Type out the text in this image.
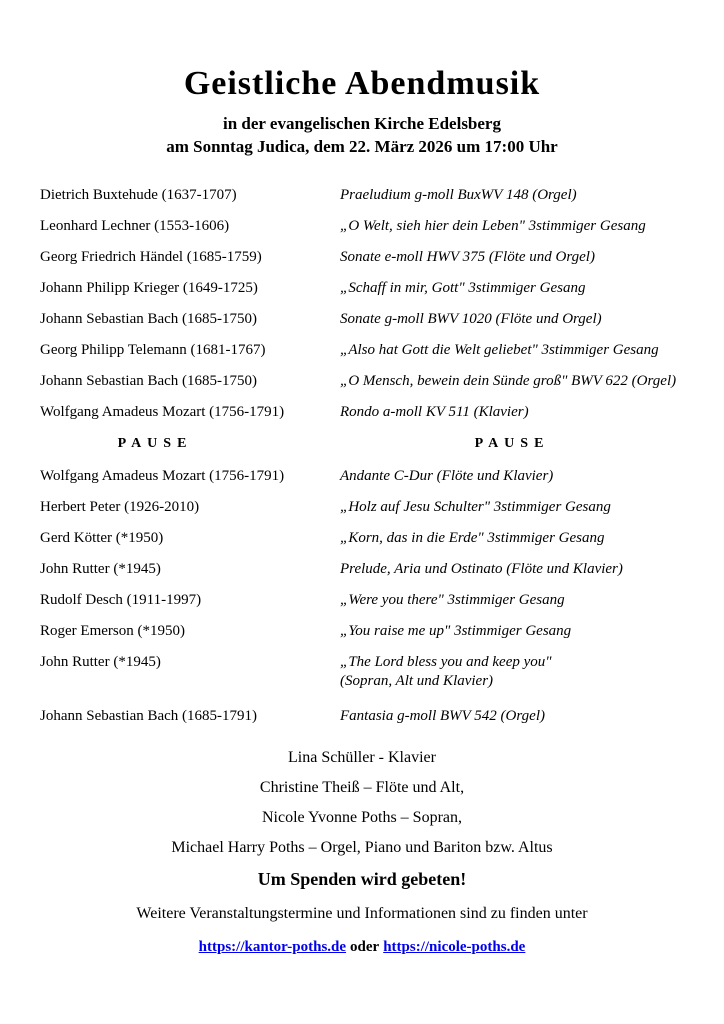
Geistliche Abendmusik
in der evangelischen Kirche Edelsberg
am Sonntag Judica, dem 22. März 2026 um 17:00 Uhr
Dietrich Buxtehude (1637-1707)	Praeludium g-moll BuxWV 148 (Orgel)
Leonhard Lechner (1553-1606)	„O Welt, sieh hier dein Leben" 3stimmiger Gesang
Georg Friedrich Händel (1685-1759)	Sonate e-moll HWV 375 (Flöte und Orgel)
Johann Philipp Krieger (1649-1725)	„Schaff in mir, Gott" 3stimmiger Gesang
Johann Sebastian Bach (1685-1750)	Sonate g-moll BWV 1020 (Flöte und Orgel)
Georg Philipp Telemann (1681-1767)	„Also hat Gott die Welt geliebet" 3stimmiger Gesang
Johann Sebastian Bach (1685-1750)	„O Mensch, bewein dein Sünde groß" BWV 622 (Orgel)
Wolfgang Amadeus Mozart (1756-1791)	Rondo a-moll KV 511 (Klavier)
PAUSE	PAUSE
Wolfgang Amadeus Mozart (1756-1791)	Andante C-Dur (Flöte und Klavier)
Herbert Peter (1926-2010)	„Holz auf Jesu Schulter" 3stimmiger Gesang
Gerd Kötter (*1950)	„Korn, das in die Erde" 3stimmiger Gesang
John Rutter (*1945)	Prelude, Aria und Ostinato (Flöte und Klavier)
Rudolf Desch (1911-1997)	„Were you there" 3stimmiger Gesang
Roger Emerson (*1950)	„You raise me up" 3stimmiger Gesang
John Rutter (*1945)	„The Lord bless you and keep you"
(Sopran, Alt und Klavier)
Johann Sebastian Bach (1685-1791)	Fantasia g-moll BWV 542 (Orgel)
Lina Schüller - Klavier
Christine Theiß – Flöte und Alt,
Nicole Yvonne Poths – Sopran,
Michael Harry Poths – Orgel, Piano und Bariton bzw. Altus
Um Spenden wird gebeten!
Weitere Veranstaltungstermine und Informationen sind zu finden unter
https://kantor-poths.de oder https://nicole-poths.de
